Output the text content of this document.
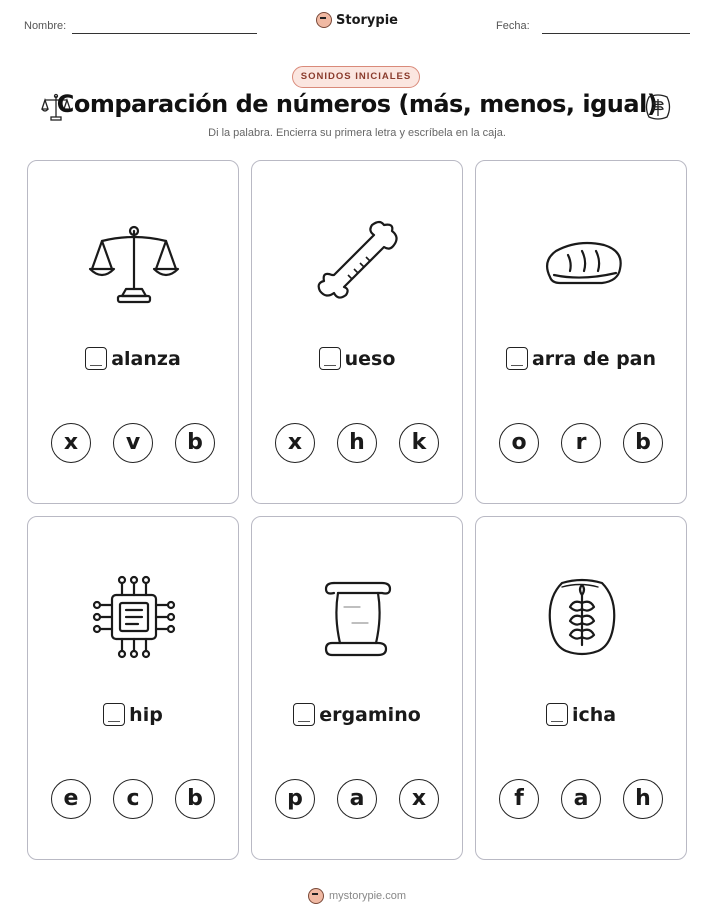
Nombre:	Storypie	Fecha:
SONIDOS INICIALES
Comparación de números (más, menos, igual)
Di la palabra. Encierra su primera letra y escríbela en la caja.
alanza
x	v	b
ueso
x	h	k
arra de pan
o	r	b
hip
e	c	b
ergamino
p	a	x
icha
f	a	h
mystorypie.com
